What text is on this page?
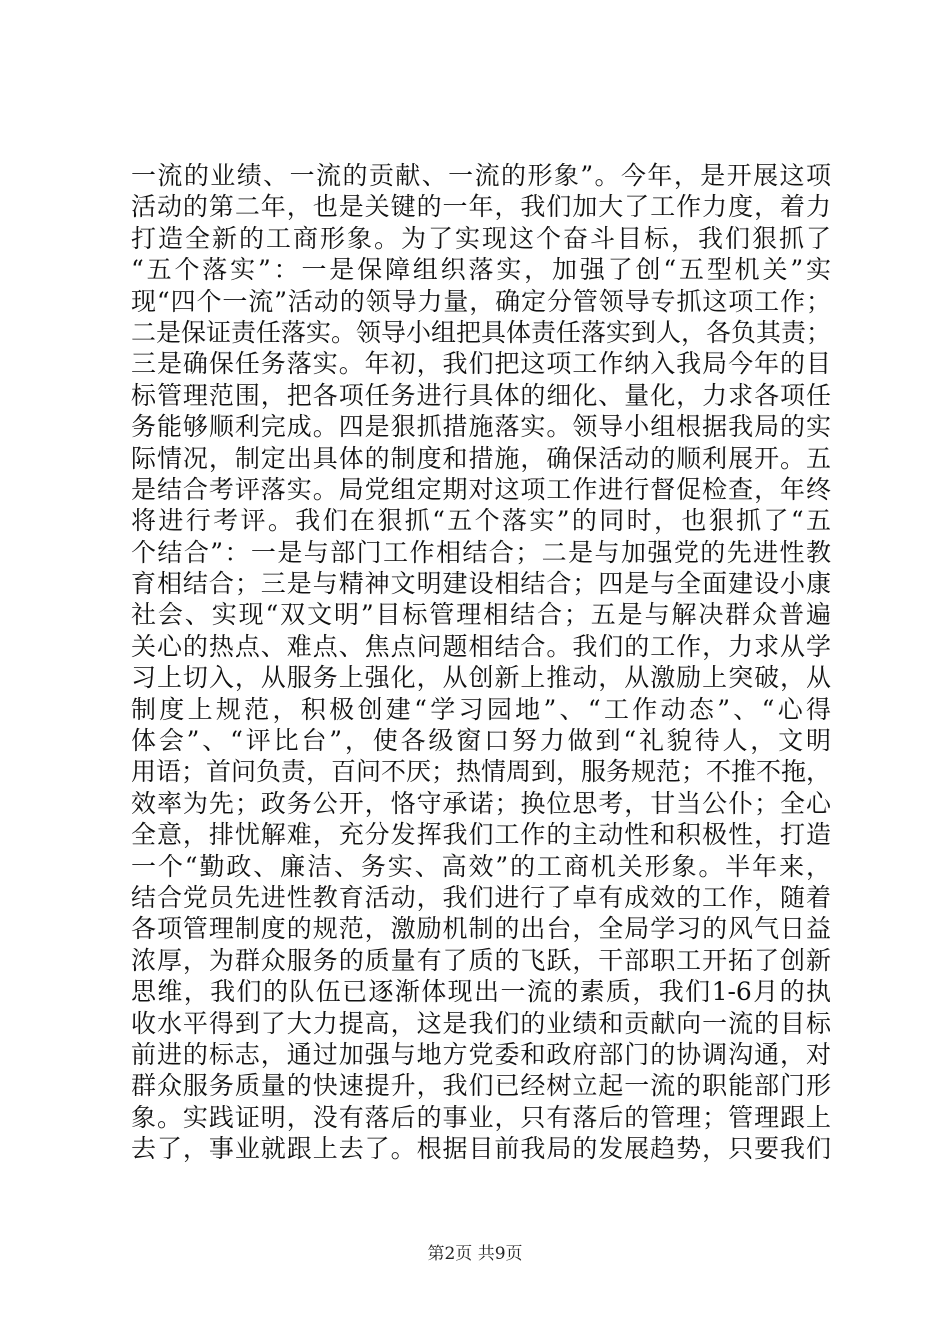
一流的业绩、一流的贡献、一流的形象”。今年，是开展这项
活动的第二年，也是关键的一年，我们加大了工作力度，着力
打造全新的工商形象。为了实现这个奋斗目标，我们狠抓了
“五个落实”：一是保障组织落实，加强了创“五型机关”实
现“四个一流”活动的领导力量，确定分管领导专抓这项工作；
二是保证责任落实。领导小组把具体责任落实到人，各负其责；
三是确保任务落实。年初，我们把这项工作纳入我局今年的目
标管理范围，把各项任务进行具体的细化、量化，力求各项任
务能够顺利完成。四是狠抓措施落实。领导小组根据我局的实
际情况，制定出具体的制度和措施，确保活动的顺利展开。五
是结合考评落实。局党组定期对这项工作进行督促检查，年终
将进行考评。我们在狠抓“五个落实”的同时，也狠抓了“五
个结合”：一是与部门工作相结合；二是与加强党的先进性教
育相结合；三是与精神文明建设相结合；四是与全面建设小康
社会、实现“双文明”目标管理相结合；五是与解决群众普遍
关心的热点、难点、焦点问题相结合。我们的工作，力求从学
习上切入，从服务上强化，从创新上推动，从激励上突破，从
制度上规范，积极创建“学习园地”、“工作动态”、“心得
体会”、“评比台”，使各级窗口努力做到“礼貌待人，文明
用语；首问负责，百问不厌；热情周到，服务规范；不推不拖，
效率为先；政务公开，恪守承诺；换位思考，甘当公仆；全心
全意，排忧解难，充分发挥我们工作的主动性和积极性，打造
一个“勤政、廉洁、务实、高效”的工商机关形象。半年来，
结合党员先进性教育活动，我们进行了卓有成效的工作，随着
各项管理制度的规范，激励机制的出台，全局学习的风气日益
浓厚，为群众服务的质量有了质的飞跃，干部职工开拓了创新
思维，我们的队伍已逐渐体现出一流的素质，我们1-6月的执
收水平得到了大力提高，这是我们的业绩和贡献向一流的目标
前进的标志，通过加强与地方党委和政府部门的协调沟通，对
群众服务质量的快速提升，我们已经树立起一流的职能部门形
象。实践证明，没有落后的事业，只有落后的管理；管理跟上
去了，事业就跟上去了。根据目前我局的发展趋势，只要我们
第2页 共9页
